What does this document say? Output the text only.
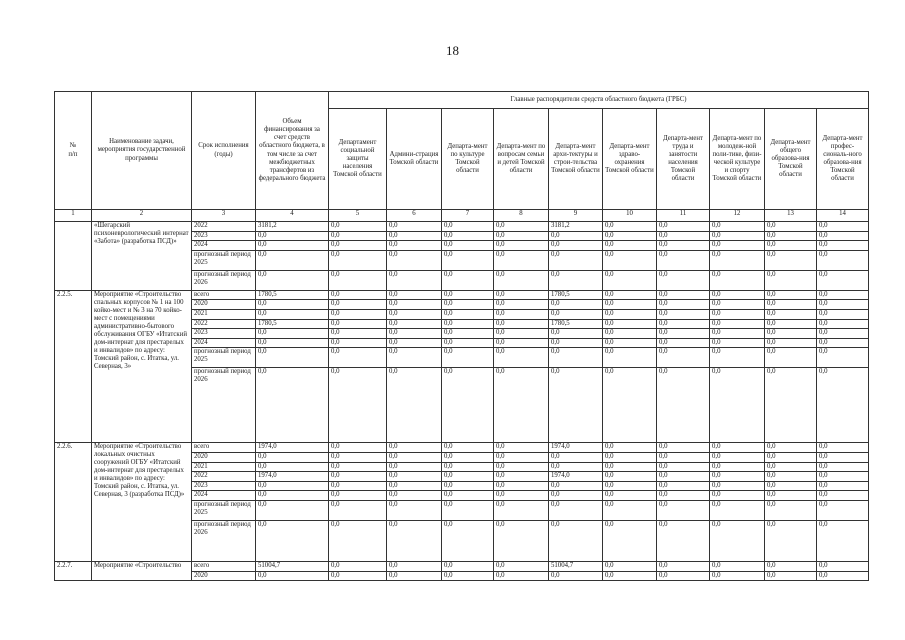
18
№
п/п	Наименование задачи, мероприятия государственной программы	Срок исполнения (годы)	Объем финансирования за счет средств областного бюджета, в том числе за счет межбюджетных трансфертов из федерального бюджета	Главные распорядители средств областного бюджета (ГРБС)									
				Департамент социальной защиты населения Томской области	Админи-страция Томской области	Департа-мент по культуре Томской области	Департа-мент по вопросам семьи и детей Томской области	Департа-мент архи-тектуры и строи-тельства Томской области	Департа-мент здраво-охранения Томской области	Департа-мент труда и занятости населения Томской области	Департа-мент по молодеж-ной поли-тике, физи-ческой культуре и спорту Томской области	Департа-мент общего образова-ния Томской области	Департа-мент профес-сиональ-ного образова-ния Томской области
1	2	3	4	5	6	7	8	9	10	11	12	13	14
	«Шегарский психоневрологический интернат «Забота» (разработка ПСД)»	2022	3181,2	0,0	0,0	0,0	0,0	3181,2	0,0	0,0	0,0	0,0	0,0
		2023	0,0	0,0	0,0	0,0	0,0	0,0	0,0	0,0	0,0	0,0	0,0
		2024	0,0	0,0	0,0	0,0	0,0	0,0	0,0	0,0	0,0	0,0	0,0
		прогнозный период 2025	0,0	0,0	0,0	0,0	0,0	0,0	0,0	0,0	0,0	0,0	0,0
		прогнозный период 2026	0,0	0,0	0,0	0,0	0,0	0,0	0,0	0,0	0,0	0,0	0,0
2.2.5.	Мероприятие «Строительство спальных корпусов № 1 на 100 койко-мест и № 3 на 70 койко-мест с помещениями административно-бытового обслуживания ОГБУ «Итатский дом-интернат для престарелых и инвалидов» по адресу: Томский район, с. Итатка, ул. Северная, 3»	всего	1780,5	0,0	0,0	0,0	0,0	1780,5	0,0	0,0	0,0	0,0	0,0
		2020	0,0	0,0	0,0	0,0	0,0	0,0	0,0	0,0	0,0	0,0	0,0
		2021	0,0	0,0	0,0	0,0	0,0	0,0	0,0	0,0	0,0	0,0	0,0
		2022	1780,5	0,0	0,0	0,0	0,0	1780,5	0,0	0,0	0,0	0,0	0,0
		2023	0,0	0,0	0,0	0,0	0,0	0,0	0,0	0,0	0,0	0,0	0,0
		2024	0,0	0,0	0,0	0,0	0,0	0,0	0,0	0,0	0,0	0,0	0,0
		прогнозный период 2025	0,0	0,0	0,0	0,0	0,0	0,0	0,0	0,0	0,0	0,0	0,0
		прогнозный период 2026	0,0	0,0	0,0	0,0	0,0	0,0	0,0	0,0	0,0	0,0	0,0
2.2.6.	Мероприятие «Строительство локальных очистных сооружений ОГБУ «Итатский дом-интернат для престарелых и инвалидов» по адресу: Томский район, с. Итатка, ул. Северная, 3 (разработка ПСД)»	всего	1974,0	0,0	0,0	0,0	0,0	1974,0	0,0	0,0	0,0	0,0	0,0
		2020	0,0	0,0	0,0	0,0	0,0	0,0	0,0	0,0	0,0	0,0	0,0
		2021	0,0	0,0	0,0	0,0	0,0	0,0	0,0	0,0	0,0	0,0	0,0
		2022	1974,0	0,0	0,0	0,0	0,0	1974,0	0,0	0,0	0,0	0,0	0,0
		2023	0,0	0,0	0,0	0,0	0,0	0,0	0,0	0,0	0,0	0,0	0,0
		2024	0,0	0,0	0,0	0,0	0,0	0,0	0,0	0,0	0,0	0,0	0,0
		прогнозный период 2025	0,0	0,0	0,0	0,0	0,0	0,0	0,0	0,0	0,0	0,0	0,0
		прогнозный период 2026	0,0	0,0	0,0	0,0	0,0	0,0	0,0	0,0	0,0	0,0	0,0
2.2.7.	Мероприятие «Строительство	всего	51004,7	0,0	0,0	0,0	0,0	51004,7	0,0	0,0	0,0	0,0	0,0
		2020	0,0	0,0	0,0	0,0	0,0	0,0	0,0	0,0	0,0	0,0	0,0
